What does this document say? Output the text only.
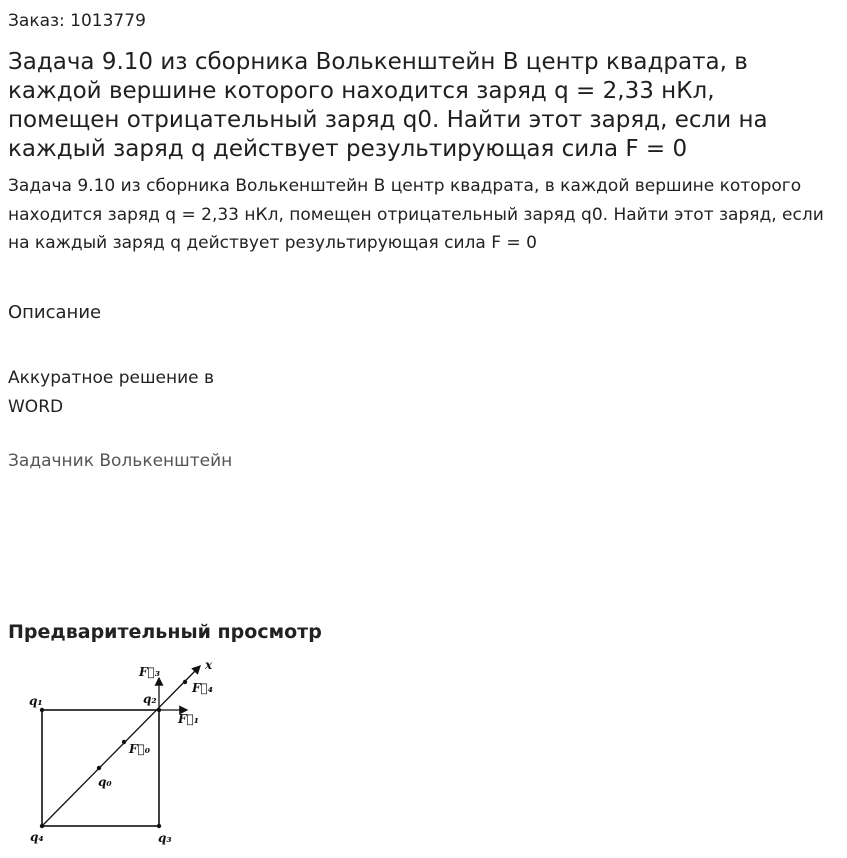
Заказ: 1013779
Задача 9.10 из сборника Волькенштейн В центр квадрата, в каждой вершине которого находится заряд q = 2,33 нКл, помещен отрицательный заряд q0. Найти этот заряд, если на каждый заряд q действует результирующая сила F = 0
Задача 9.10 из сборника Волькенштейн В центр квадрата, в каждой вершине которого находится заряд q = 2,33 нКл, помещен отрицательный заряд q0. Найти этот заряд, если на каждый заряд q действует результирующая сила F = 0
Описание
Аккуратное решение в WORD
Задачник Волькенштейн
Предварительный просмотр
q₁	q₂
q₃
q₄
q₀
F⃗₁
F⃗₃
F⃗₄
F⃗₀
x
